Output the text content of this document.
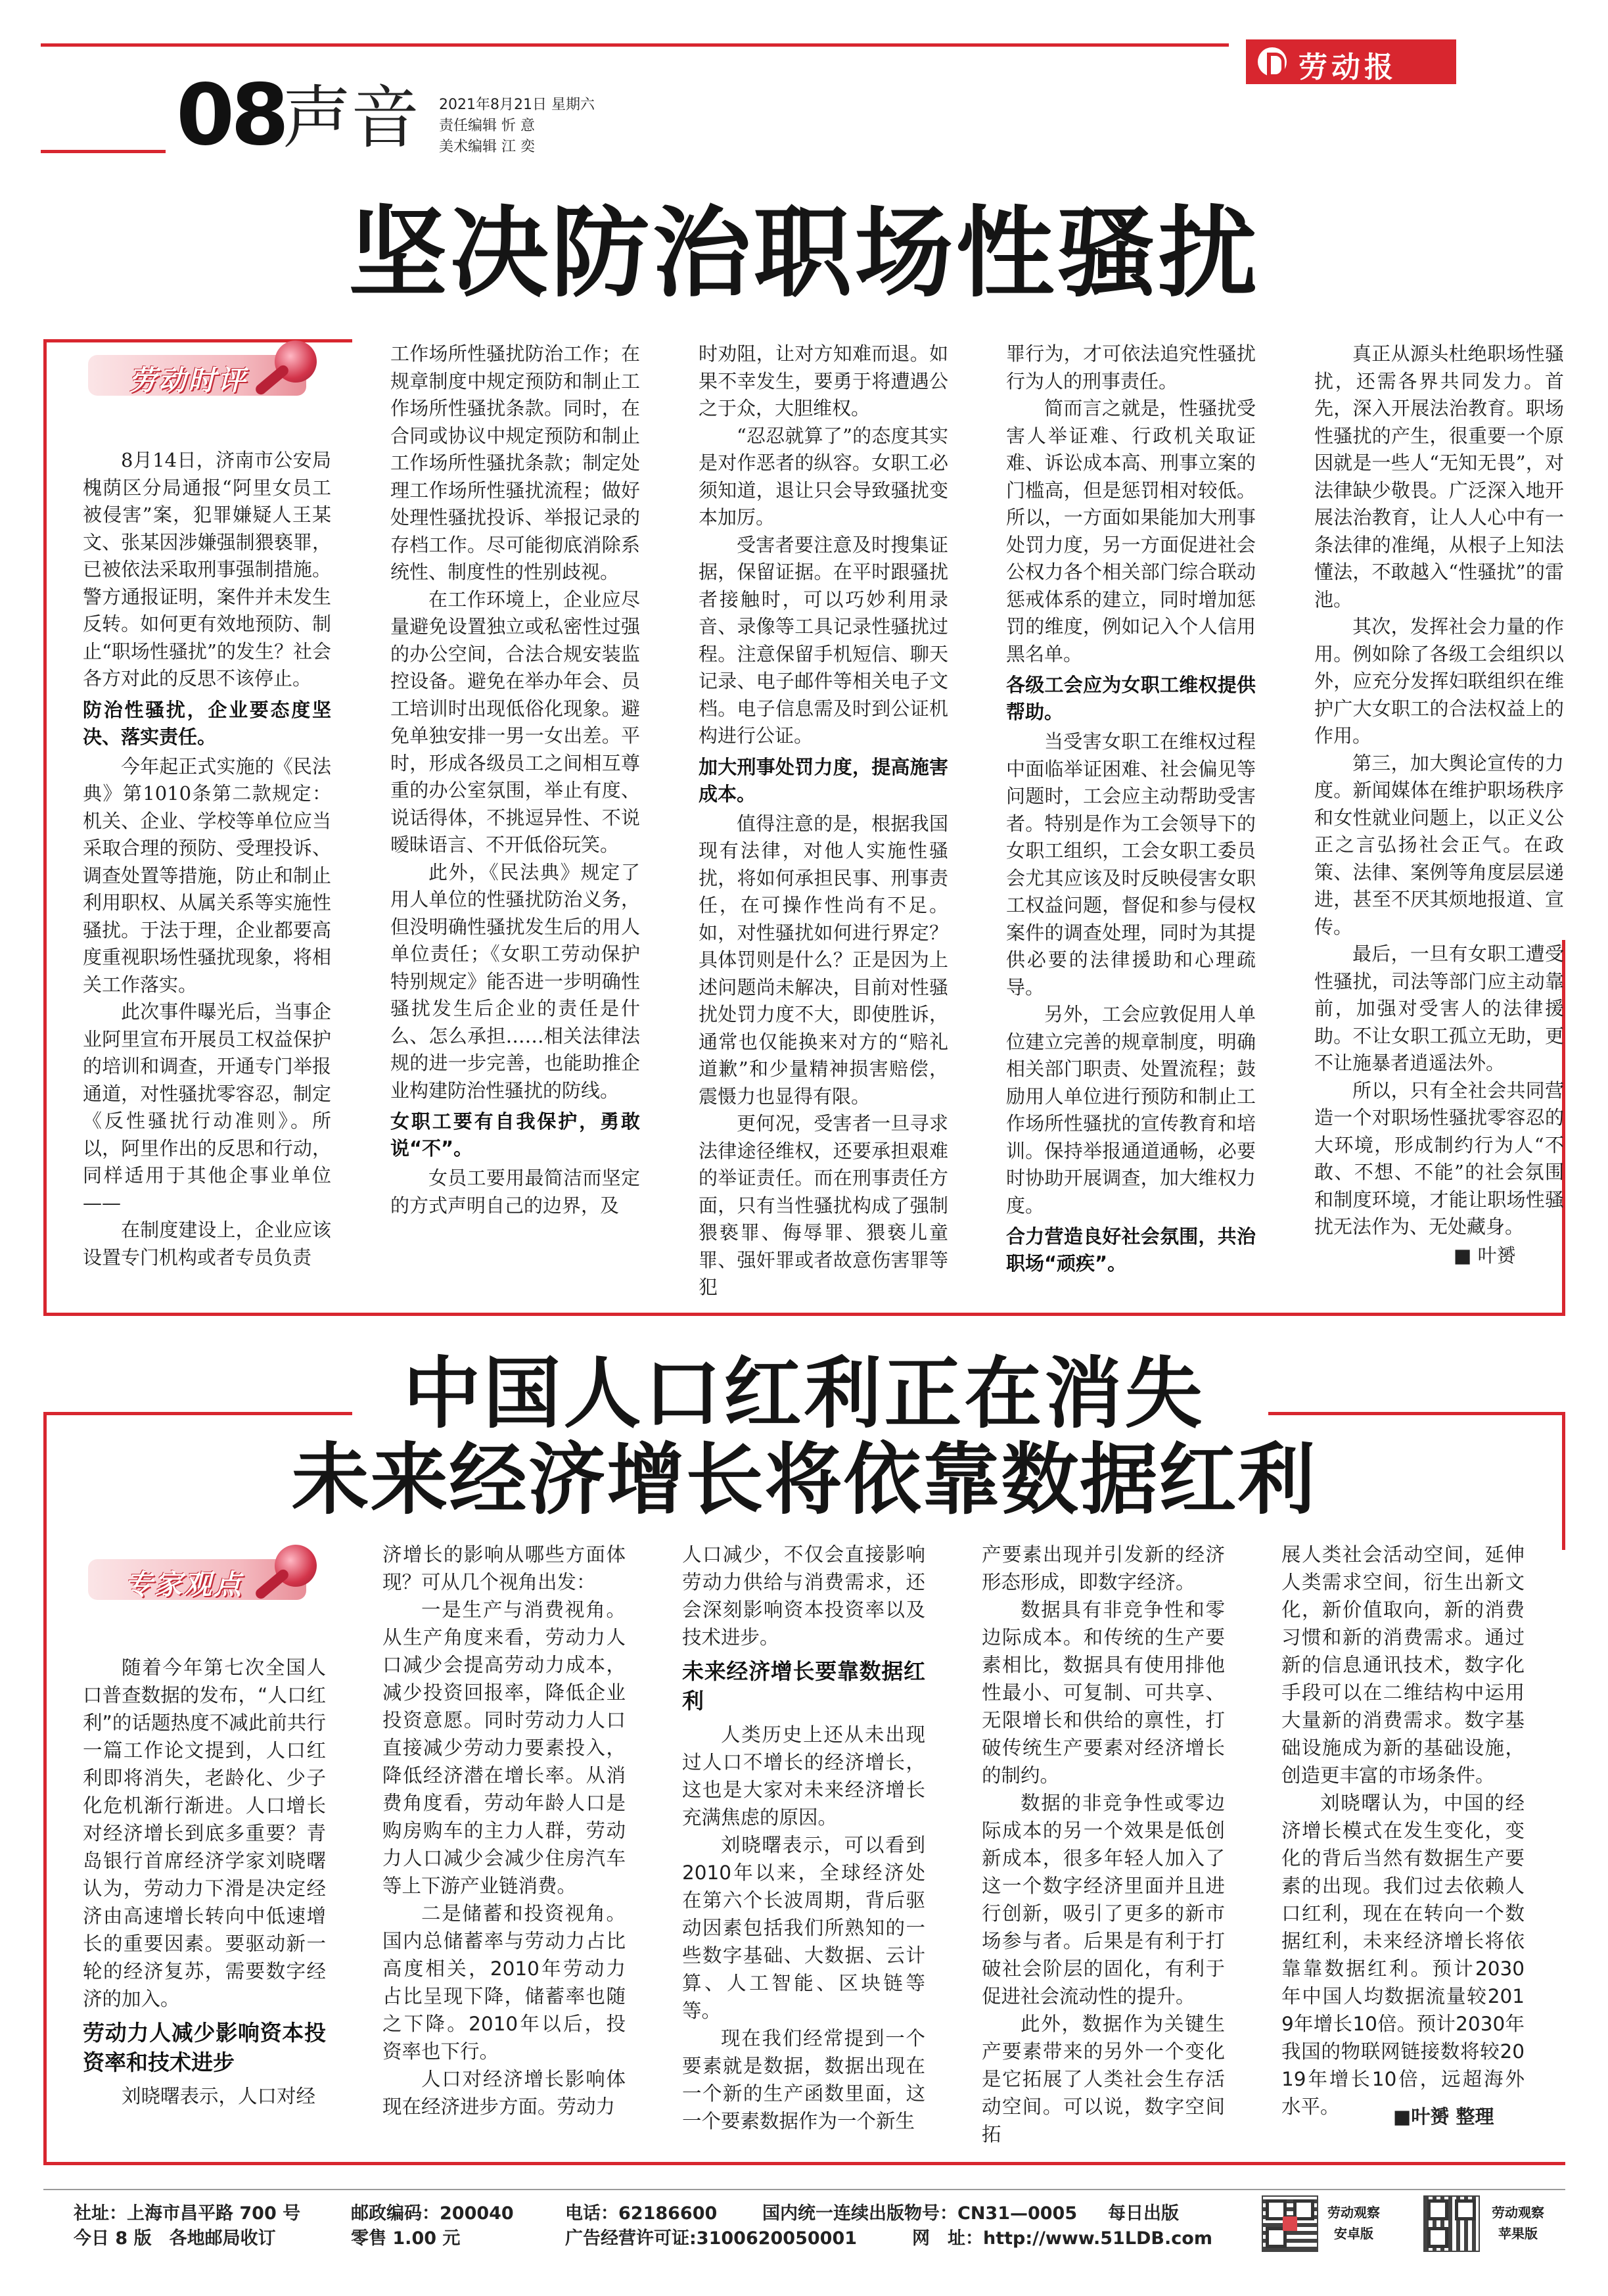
劳动报
08
声音 2021年8月21日 星期六
责任编辑 忻 意
美术编辑 江 奕
坚决防治职场性骚扰
劳动时评

8月14日，济南市公安局槐荫区分局通报“阿里女员工被侵害”案，犯罪嫌疑人王某文、张某因涉嫌强制猥亵罪，已被依法采取刑事强制措施。警方通报证明，案件并未发生反转。如何更有效地预防、制止“职场性骚扰”的发生？社会各方对此的反思不该停止。

防治性骚扰，企业要态度坚决、落实责任。

今年起正式实施的《民法典》第1010条第二款规定：机关、企业、学校等单位应当采取合理的预防、受理投诉、调查处置等措施，防止和制止利用职权、从属关系等实施性骚扰。于法于理，企业都要高度重视职场性骚扰现象，将相关工作落实。

此次事件曝光后，当事企业阿里宣布开展员工权益保护的培训和调查，开通专门举报通道，对性骚扰零容忍，制定《反性骚扰行动准则》。所以，阿里作出的反思和行动，同样适用于其他企事业单位——

在制度建设上，企业应该设置专门机构或者专员负责

工作场所性骚扰防治工作；在规章制度中规定预防和制止工作场所性骚扰条款。同时，在合同或协议中规定预防和制止工作场所性骚扰条款；制定处理工作场所性骚扰流程；做好处理性骚扰投诉、举报记录的存档工作。尽可能彻底消除系统性、制度性的性别歧视。

在工作环境上，企业应尽量避免设置独立或私密性过强的办公空间，合法合规安装监控设备。避免在举办年会、员工培训时出现低俗化现象。避免单独安排一男一女出差。平时，形成各级员工之间相互尊重的办公室氛围，举止有度、说话得体，不挑逗异性、不说暧昧语言、不开低俗玩笑。

此外，《民法典》规定了用人单位的性骚扰防治义务，但没明确性骚扰发生后的用人单位责任；《女职工劳动保护特别规定》能否进一步明确性骚扰发生后企业的责任是什么、怎么承担……相关法律法规的进一步完善，也能助推企业构建防治性骚扰的防线。

女职工要有自我保护，勇敢说“不”。

女员工要用最简洁而坚定的方式声明自己的边界，及

时劝阻，让对方知难而退。如果不幸发生，要勇于将遭遇公之于众，大胆维权。

“忍忍就算了”的态度其实是对作恶者的纵容。女职工必须知道，退让只会导致骚扰变本加厉。

受害者要注意及时搜集证据，保留证据。在平时跟骚扰者接触时，可以巧妙利用录音、录像等工具记录性骚扰过程。注意保留手机短信、聊天记录、电子邮件等相关电子文档。电子信息需及时到公证机构进行公证。

加大刑事处罚力度，提高施害成本。

值得注意的是，根据我国现有法律，对他人实施性骚扰，将如何承担民事、刑事责任，在可操作性尚有不足。如，对性骚扰如何进行界定？具体罚则是什么？正是因为上述问题尚未解决，目前对性骚扰处罚力度不大，即使胜诉，通常也仅能换来对方的“赔礼道歉”和少量精神损害赔偿，震慑力也显得有限。

更何况，受害者一旦寻求法律途径维权，还要承担艰难的举证责任。而在刑事责任方面，只有当性骚扰构成了强制猥亵罪、侮辱罪、猥亵儿童罪、强奸罪或者故意伤害罪等犯

罪行为，才可依法追究性骚扰行为人的刑事责任。

简而言之就是，性骚扰受害人举证难、行政机关取证难、诉讼成本高、刑事立案的门槛高，但是惩罚相对较低。所以，一方面如果能加大刑事处罚力度，另一方面促进社会公权力各个相关部门综合联动惩戒体系的建立，同时增加惩罚的维度，例如记入个人信用黑名单。

各级工会应为女职工维权提供帮助。

当受害女职工在维权过程中面临举证困难、社会偏见等问题时，工会应主动帮助受害者。特别是作为工会领导下的女职工组织，工会女职工委员会尤其应该及时反映侵害女职工权益问题，督促和参与侵权案件的调查处理，同时为其提供必要的法律援助和心理疏导。

另外，工会应敦促用人单位建立完善的规章制度，明确相关部门职责、处置流程；鼓励用人单位进行预防和制止工作场所性骚扰的宣传教育和培训。保持举报通道通畅，必要时协助开展调查，加大维权力度。

合力营造良好社会氛围，共治职场“顽疾”。

真正从源头杜绝职场性骚扰，还需各界共同发力。首先，深入开展法治教育。职场性骚扰的产生，很重要一个原因就是一些人“无知无畏”，对法律缺少敬畏。广泛深入地开展法治教育，让人人心中有一条法律的准绳，从根子上知法懂法，不敢越入“性骚扰”的雷池。

其次，发挥社会力量的作用。例如除了各级工会组织以外，应充分发挥妇联组织在维护广大女职工的合法权益上的作用。

第三，加大舆论宣传的力度。新闻媒体在维护职场秩序和女性就业问题上，以正义公正之言弘扬社会正气。在政策、法律、案例等角度层层递进，甚至不厌其烦地报道、宣传。

最后，一旦有女职工遭受性骚扰，司法等部门应主动靠前，加强对受害人的法律援助。不让女职工孤立无助，更不让施暴者逍遥法外。

所以，只有全社会共同营造一个对职场性骚扰零容忍的大环境，形成制约行为人“不敢、不想、不能”的社会氛围和制度环境，才能让职场性骚扰无法作为、无处藏身。

■ 叶赟
中国人口红利正在消失
未来经济增长将依靠数据红利
专家观点

随着今年第七次全国人口普查数据的发布，“人口红利”的话题热度不减此前共行一篇工作论文提到，人口红利即将消失，老龄化、少子化危机渐行渐进。人口增长对经济增长到底多重要？青岛银行首席经济学家刘晓曙认为，劳动力下滑是决定经济由高速增长转向中低速增长的重要因素。要驱动新一轮的经济复苏，需要数字经济的加入。

劳动力人减少影响资本投资率和技术进步

刘晓曙表示，人口对经

济增长的影响从哪些方面体现？可从几个视角出发：

一是生产与消费视角。从生产角度来看，劳动力人口减少会提高劳动力成本，减少投资回报率，降低企业投资意愿。同时劳动力人口直接减少劳动力要素投入，降低经济潜在增长率。从消费角度看，劳动年龄人口是购房购车的主力人群，劳动力人口减少会减少住房汽车等上下游产业链消费。

二是储蓄和投资视角。国内总储蓄率与劳动力占比高度相关，2010年劳动力占比呈现下降，储蓄率也随之下降。2010年以后，投资率也下行。

人口对经济增长影响体现在经济进步方面。劳动力

人口减少，不仅会直接影响劳动力供给与消费需求，还会深刻影响资本投资率以及技术进步。

未来经济增长要靠数据红利

人类历史上还从未出现过人口不增长的经济增长，这也是大家对未来经济增长充满焦虑的原因。

刘晓曙表示，可以看到2010年以来，全球经济处在第六个长波周期，背后驱动因素包括我们所熟知的一些数字基础、大数据、云计算、人工智能、区块链等等。

现在我们经常提到一个要素就是数据，数据出现在一个新的生产函数里面，这一个要素数据作为一个新生

产要素出现并引发新的经济形态形成，即数字经济。

数据具有非竞争性和零边际成本。和传统的生产要素相比，数据具有使用排他性最小、可复制、可共享、无限增长和供给的禀性，打破传统生产要素对经济增长的制约。

数据的非竞争性或零边际成本的另一个效果是低创新成本，很多年轻人加入了这一个数字经济里面并且进行创新，吸引了更多的新市场参与者。后果是有利于打破社会阶层的固化，有利于促进社会流动性的提升。

此外，数据作为关键生产要素带来的另外一个变化是它拓展了人类社会生存活动空间。可以说，数字空间拓

展人类社会活动空间，延伸人类需求空间，衍生出新文化，新价值取向，新的消费习惯和新的消费需求。通过新的信息通讯技术，数字化手段可以在二维结构中运用大量新的消费需求。数字基础设施成为新的基础设施，创造更丰富的市场条件。

刘晓曙认为，中国的经济增长模式在发生变化，变化的背后当然有数据生产要素的出现。我们过去依赖人口红利，现在在转向一个数据红利，未来经济增长将依靠靠数据红利。预计2030年中国人均数据流量较2019年增长10倍。预计2030年我国的物联网链接数将较2019年增长10倍，远超海外水平。	■叶赟 整理
社址：上海市昌平路 700 号
今日 8 版　各地邮局收订
邮政编码：200040
零售 1.00 元
电话：62186600
广告经营许可证:3100620050001
国内统一连续出版物号：CN31—0005 每日出版
网　址：http://www.51LDB.com
劳动观察
安卓版
劳动观察
苹果版
